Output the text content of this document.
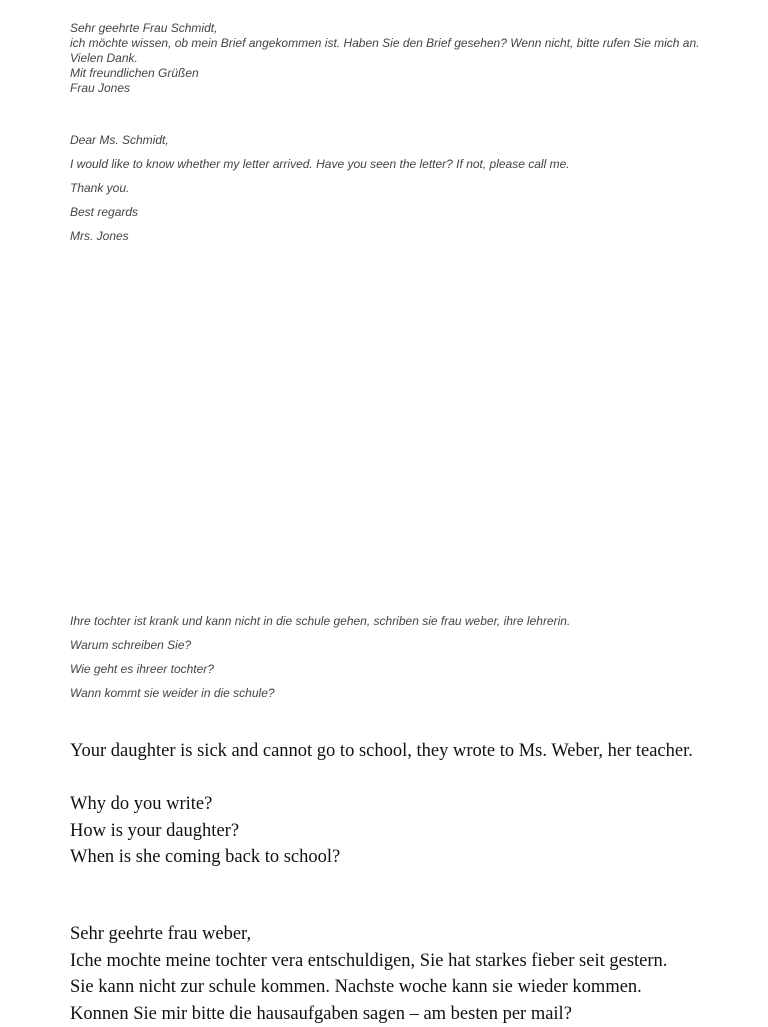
Sehr geehrte Frau Schmidt,

ich möchte wissen, ob mein Brief angekommen ist. Haben Sie den Brief gesehen? Wenn nicht, bitte rufen Sie mich an.

Vielen Dank.

Mit freundlichen Grüßen

Frau Jones

Dear Ms. Schmidt,

I would like to know whether my letter arrived. Have you seen the letter? If not, please call me.

Thank you.

Best regards

Mrs. Jones

Ihre tochter ist krank und kann nicht in die schule gehen, schriben sie frau weber, ihre lehrerin.

Warum schreiben Sie?

Wie geht es ihreer tochter?

Wann kommt sie weider in die schule?

Your daughter is sick and cannot go to school, they wrote to Ms. Weber, her teacher.

Why do you write?

How is your daughter?

When is she coming back to school?

Sehr geehrte frau weber,

Iche mochte meine tochter vera entschuldigen, Sie hat starkes fieber seit gestern.

Sie kann nicht zur schule kommen. Nachste woche kann sie wieder kommen.

Konnen Sie mir bitte die hausaufgaben sagen – am besten per mail?
